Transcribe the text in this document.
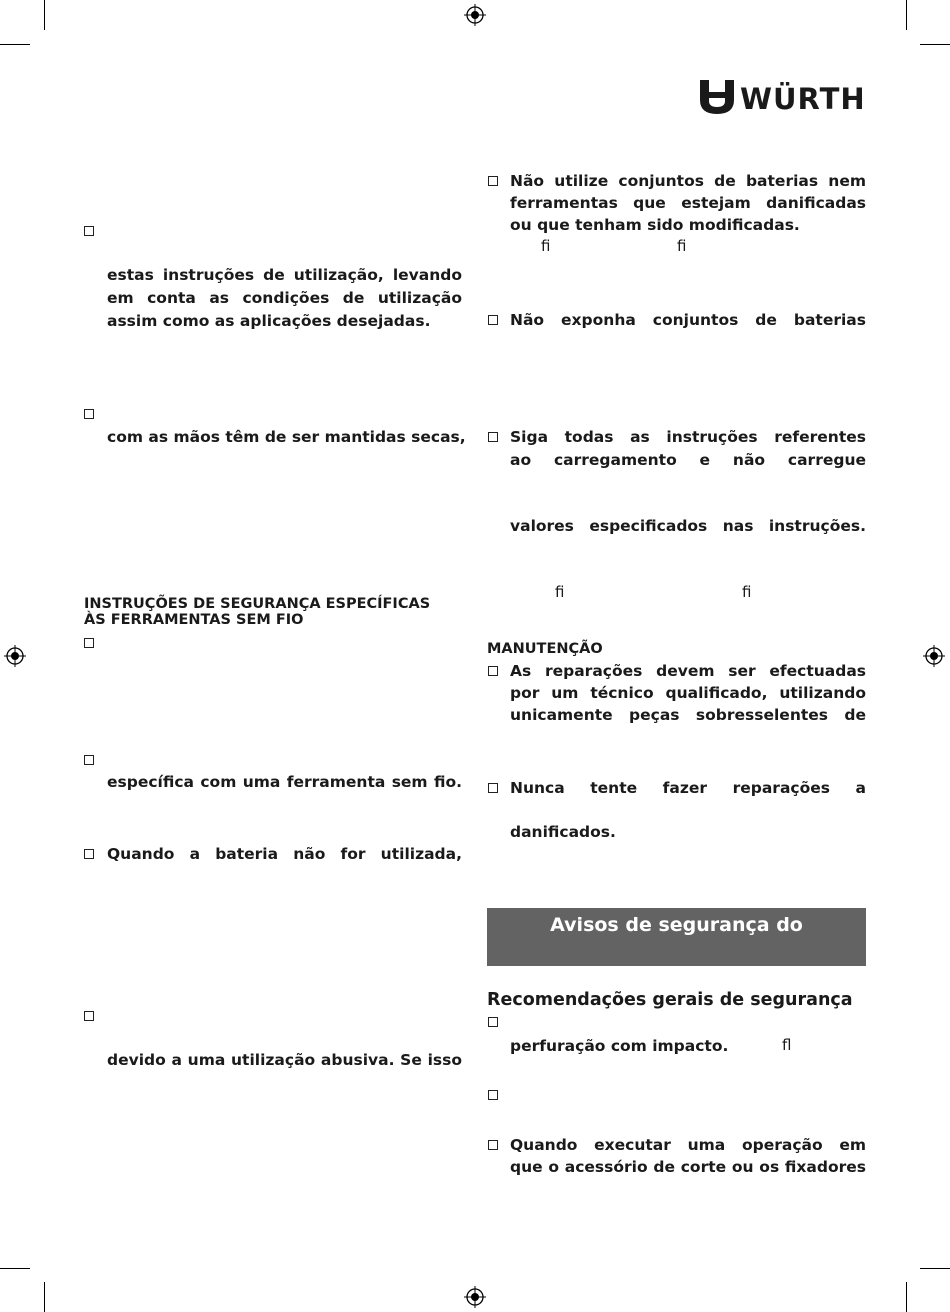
WÜRTH
estas instruções de utilização, levando
em conta as condições de utilização
assim como as aplicações desejadas.
com as mãos têm de ser mantidas secas,
INSTRUÇÕES DE SEGURANÇA ESPECÍFICAS
ÀS FERRAMENTAS SEM FIO
específica com uma ferramenta sem fio.
Quando a bateria não for utilizada,
devido a uma utilização abusiva. Se isso
Não utilize conjuntos de baterias nem
ferramentas que estejam danificadas
ou que tenham sido modificadas.
ﬁ	ﬁ
Não exponha conjuntos de baterias
Siga todas as instruções referentes
ao carregamento e não carregue
valores especificados nas instruções.
ﬁ	ﬁ
MANUTENÇÃO
As reparações devem ser efectuadas
por um técnico qualificado, utilizando
unicamente peças sobresselentes de
Nunca tente fazer reparações a
danificados.
Avisos de segurança do
Recomendações gerais de segurança
perfuração com impacto.	ﬂ
Quando executar uma operação em
que o acessório de corte ou os fixadores
